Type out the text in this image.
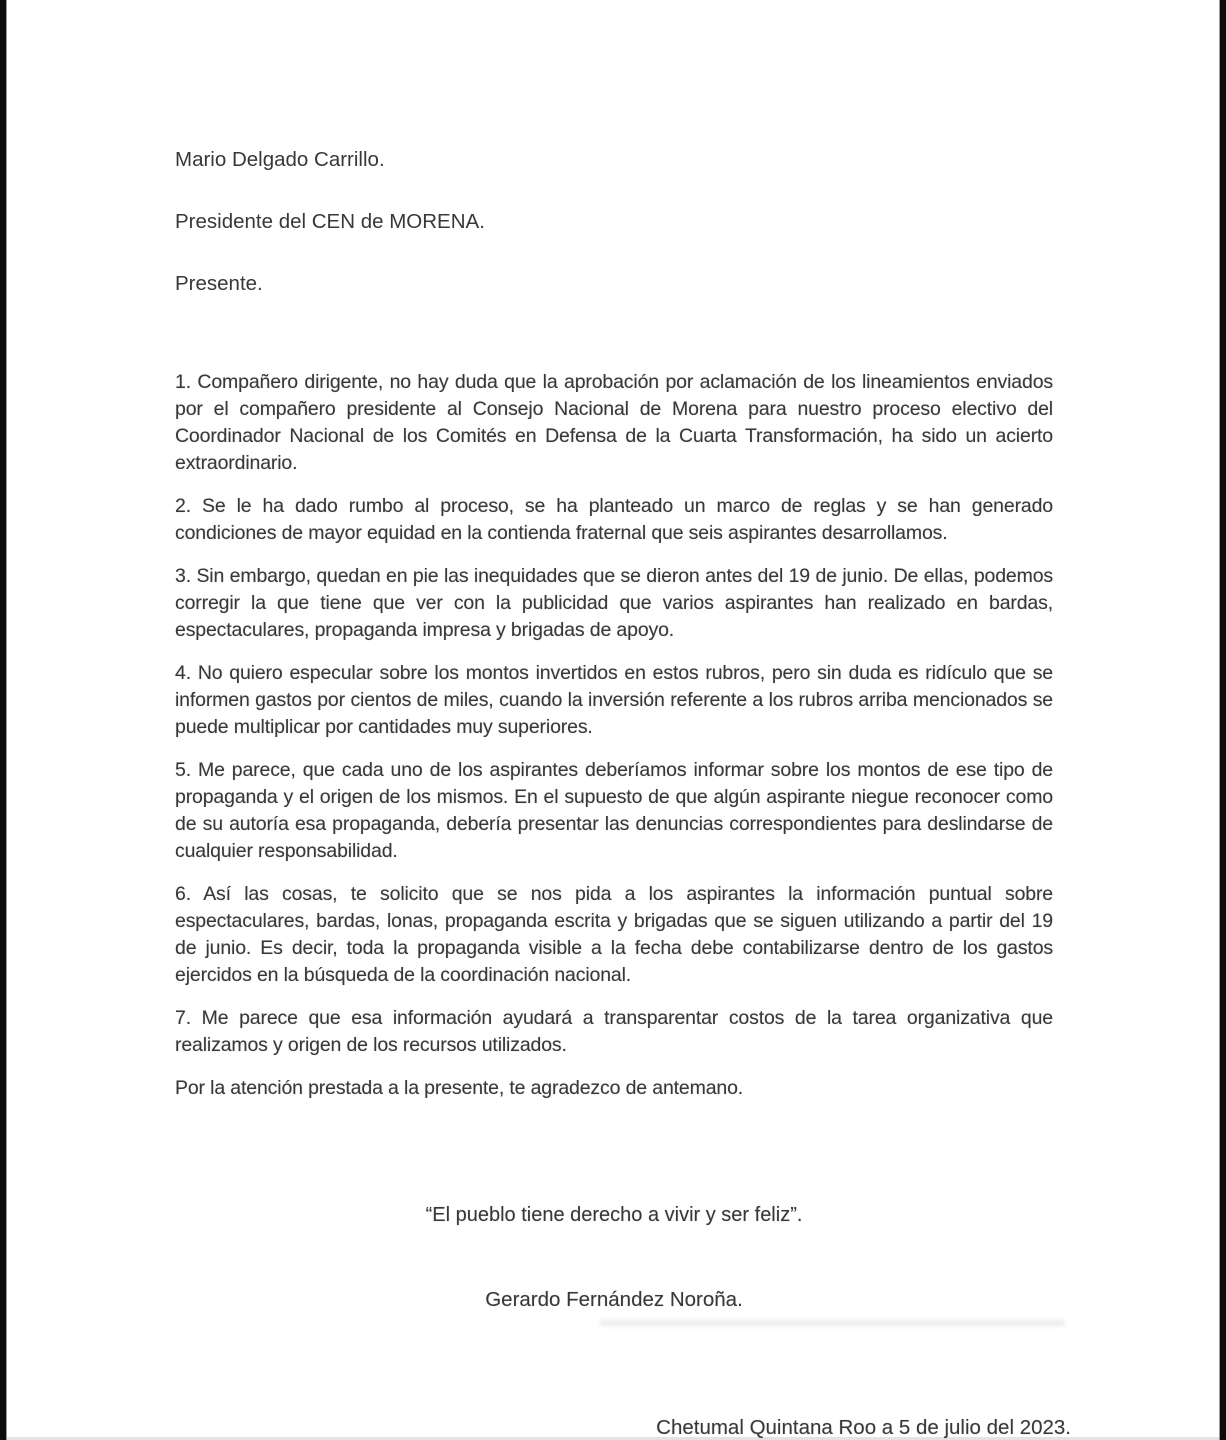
Mario Delgado Carrillo.

Presidente del CEN de MORENA.

Presente.

1. Compañero dirigente, no hay duda que la aprobación por aclamación de los lineamientos enviados por el compañero presidente al Consejo Nacional de Morena para nuestro proceso electivo del Coordinador Nacional de los Comités en Defensa de la Cuarta Transformación, ha sido un acierto extraordinario.

2. Se le ha dado rumbo al proceso, se ha planteado un marco de reglas y se han generado condiciones de mayor equidad en la contienda fraternal que seis aspirantes desarrollamos.

3. Sin embargo, quedan en pie las inequidades que se dieron antes del 19 de junio. De ellas, podemos corregir la que tiene que ver con la publicidad que varios aspirantes han realizado en bardas, espectaculares, propaganda impresa y brigadas de apoyo.

4. No quiero especular sobre los montos invertidos en estos rubros, pero sin duda es ridículo que se informen gastos por cientos de miles, cuando la inversión referente a los rubros arriba mencionados se puede multiplicar por cantidades muy superiores.

5. Me parece, que cada uno de los aspirantes deberíamos informar sobre los montos de ese tipo de propaganda y el origen de los mismos. En el supuesto de que algún aspirante niegue reconocer como de su autoría esa propaganda, debería presentar las denuncias correspondientes para deslindarse de cualquier responsabilidad.

6. Así las cosas, te solicito que se nos pida a los aspirantes la información puntual sobre espectaculares, bardas, lonas, propaganda escrita y brigadas que se siguen utilizando a partir del 19 de junio. Es decir, toda la propaganda visible a la fecha debe contabilizarse dentro de los gastos ejercidos en la búsqueda de la coordinación nacional.

7. Me parece que esa información ayudará a transparentar costos de la tarea organizativa que realizamos y origen de los recursos utilizados.

Por la atención prestada a la presente, te agradezco de antemano.

“El pueblo tiene derecho a vivir y ser feliz”.
Gerardo Fernández Noroña.
Chetumal Quintana Roo a 5 de julio del 2023.
